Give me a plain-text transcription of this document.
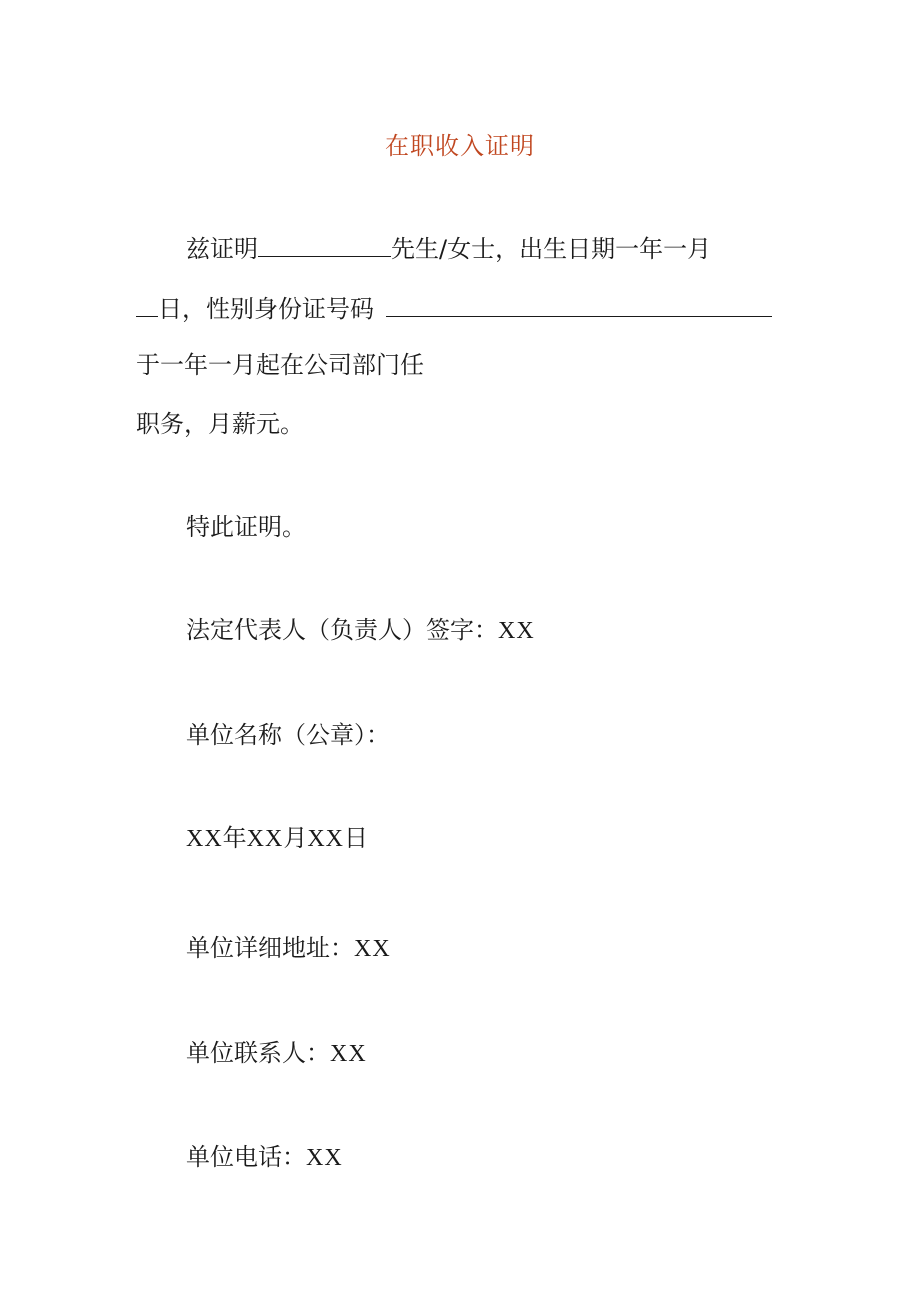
在职收入证明
兹证明	先生/女士，出生日期一年一月
日，性别身份证号码
于一年一月起在公司部门任
职务，月薪元。
特此证明。
法定代表人（负责人）签字：XX
单位名称（公章）：
XX年XX月XX日
单位详细地址：XX
单位联系人：XX
单位电话：XX
